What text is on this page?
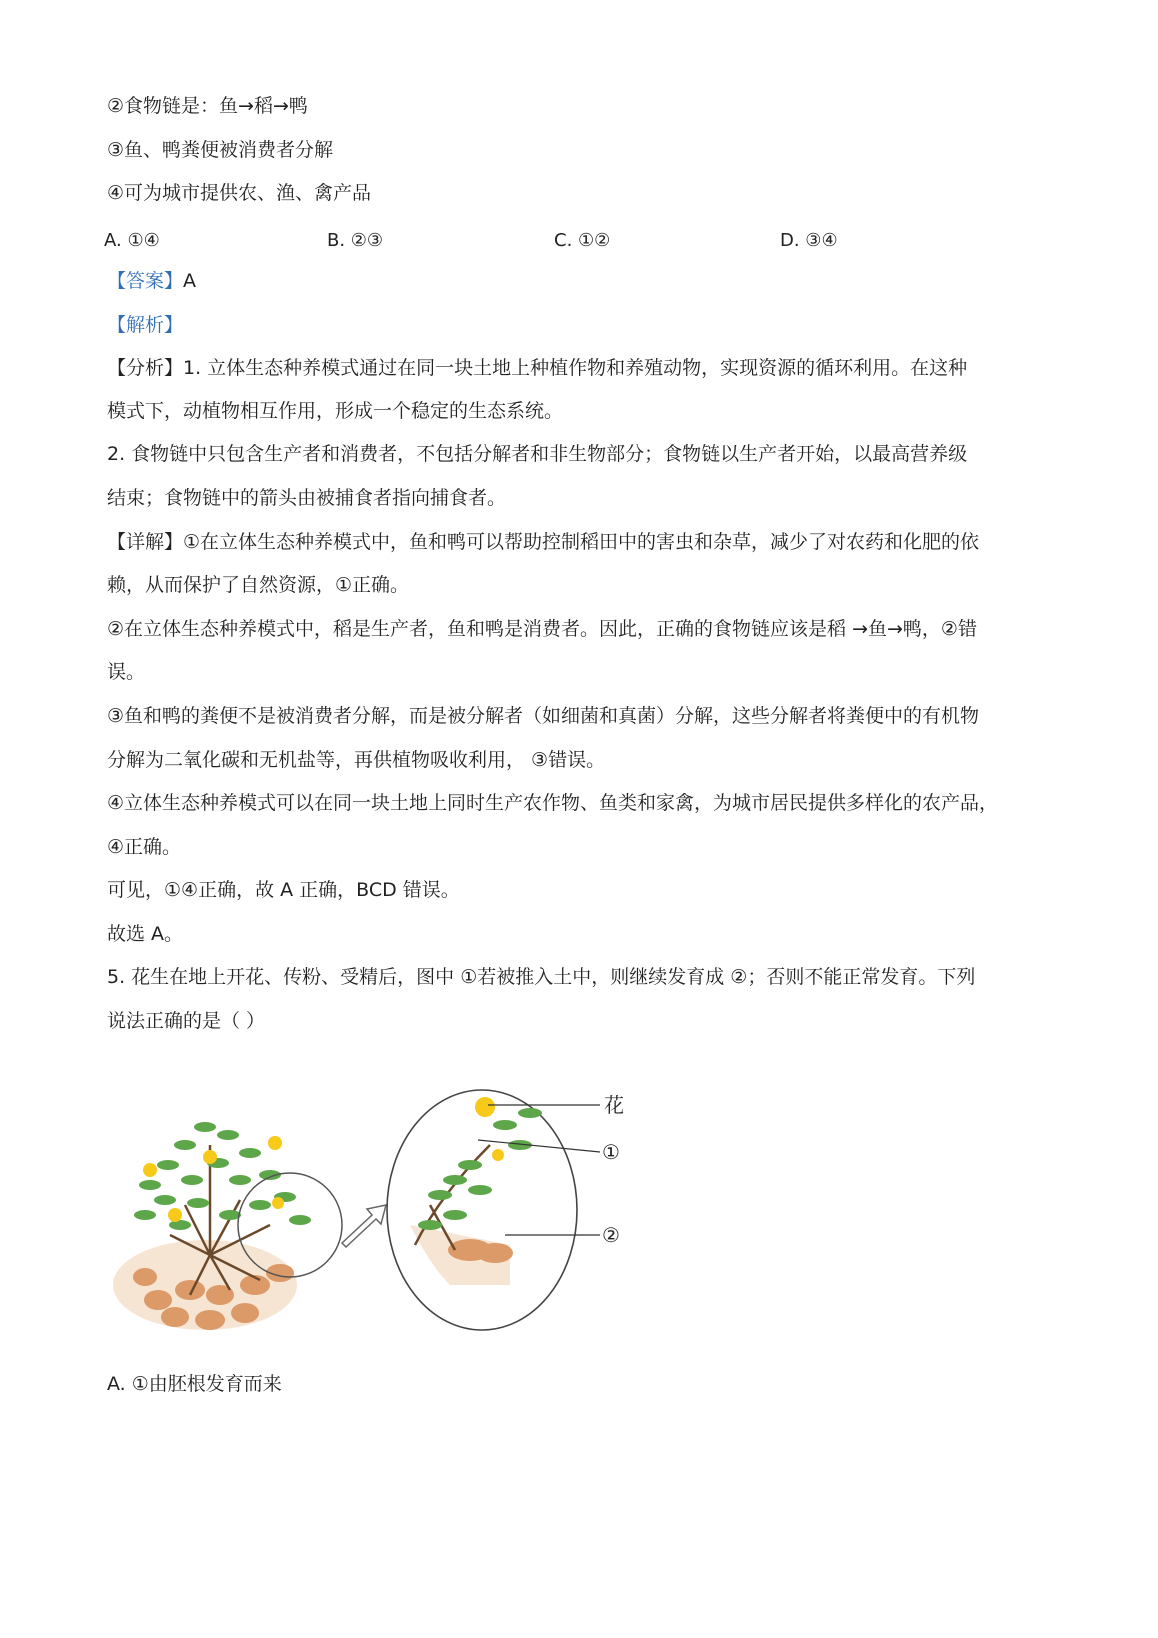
②食物链是：鱼→稻→鸭
③鱼、鸭粪便被消费者分解
④可为城市提供农、渔、禽产品
A. ①④	B. ②③	C. ①②	D. ③④
【答案】A
【解析】
【分析】1. 立体生态种养模式通过在同一块土地上种植作物和养殖动物，实现资源的循环利用。在这种
模式下，动植物相互作用，形成一个稳定的生态系统。
2. 食物链中只包含生产者和消费者，不包括分解者和非生物部分；食物链以生产者开始，以最高营养级
结束；食物链中的箭头由被捕食者指向捕食者。
【详解】①在立体生态种养模式中，鱼和鸭可以帮助控制稻田中的害虫和杂草，减少了对农药和化肥的依
赖，从而保护了自然资源，①正确。
②在立体生态种养模式中，稻是生产者，鱼和鸭是消费者。因此，正确的食物链应该是稻 →鱼→鸭，②错
误。
③鱼和鸭的粪便不是被消费者分解，而是被分解者（如细菌和真菌）分解，这些分解者将粪便中的有机物
分解为二氧化碳和无机盐等，再供植物吸收利用， ③错误。
④立体生态种养模式可以在同一块土地上同时生产农作物、鱼类和家禽，为城市居民提供多样化的农产品，
④正确。
可见，①④正确，故 A 正确，BCD 错误。
故选 A。
5. 花生在地上开花、传粉、受精后，图中 ①若被推入土中，则继续发育成 ②；否则不能正常发育。下列
说法正确的是（ ）
花
①
②
A. ①由胚根发育而来
